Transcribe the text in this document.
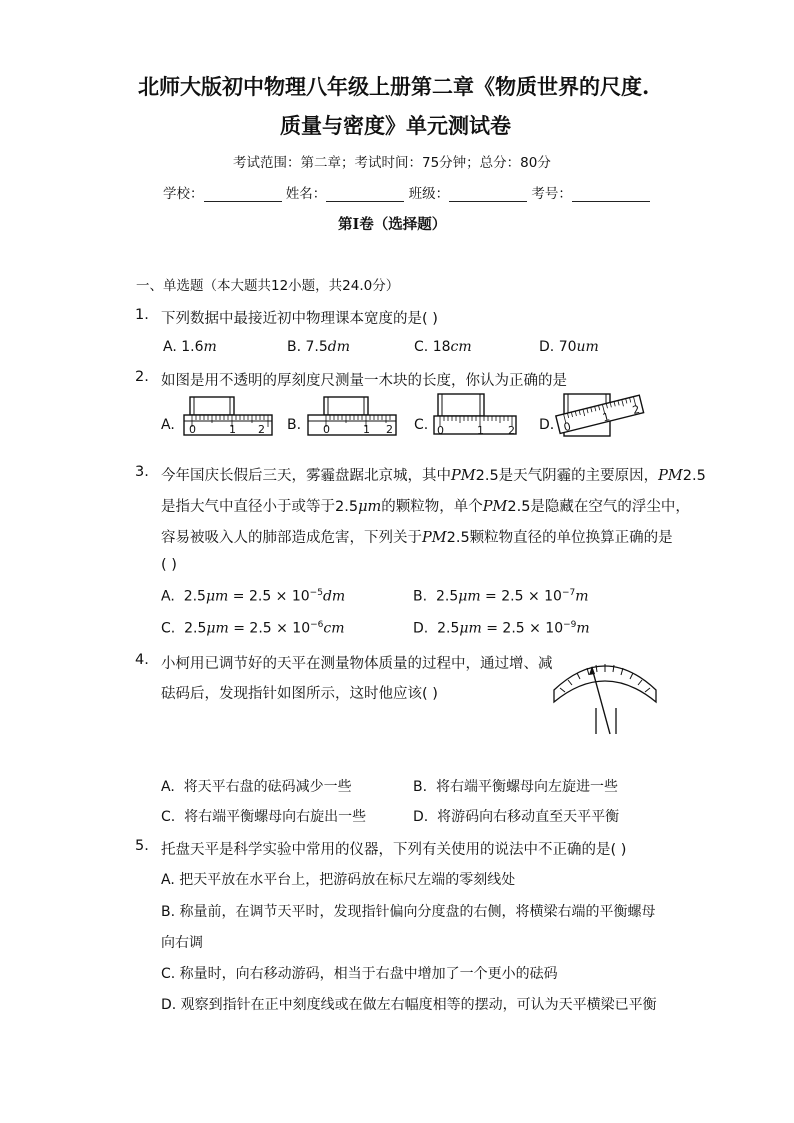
北师大版初中物理八年级上册第二章《物质世界的尺度.
质量与密度》单元测试卷
考试范围：第二章；考试时间：75分钟；总分：80分
学校：	姓名：	班级：	考号：
第I卷（选择题）
一、单选题（本大题共12小题，共24.0分）
1. 下列数据中最接近初中物理课本宽度的是( )
A. 1.6m	B. 7.5dm	C. 18cm	D. 70um
2. 如图是用不透明的厚刻度尺测量一木块的长度，你认为正确的是
A.	B.	C.	D.
0	1 2	0	1 2	0	1 2	0
1
2
3. 今年国庆长假后三天，雾霾盘踞北京城，其中PM2.5是天气阴霾的主要原因，PM2.5
是指大气中直径小于或等于2.5μm的颗粒物，单个PM2.5是隐藏在空气的浮尘中，
容易被吸入人的肺部造成危害，下列关于PM2.5颗粒物直径的单位换算正确的是
( )
A. $2.5\mu m = 2.5 \times 10^{-5}dm$	B. $2.5\mu m = 2.5 \times 10^{-7}m$
C. $2.5\mu m = 2.5 \times 10^{-6}cm$	D. $2.5\mu m = 2.5 \times 10^{-9}m$
4. 小柯用已调节好的天平在测量物体质量的过程中，通过增、减
砝码后，发现指针如图所示，这时他应该( )
A. 将天平右盘的砝码减少一些	B. 将右端平衡螺母向左旋进一些
C. 将右端平衡螺母向右旋出一些	D. 将游码向右移动直至天平平衡
5. 托盘天平是科学实验中常用的仪器，下列有关使用的说法中不正确的是( )
A. 把天平放在水平台上，把游码放在标尺左端的零刻线处
B. 称量前，在调节天平时，发现指针偏向分度盘的右侧，将横梁右端的平衡螺母
向右调
C. 称量时，向右移动游码，相当于右盘中增加了一个更小的砝码
D. 观察到指针在正中刻度线或在做左右幅度相等的摆动，可认为天平横梁已平衡
